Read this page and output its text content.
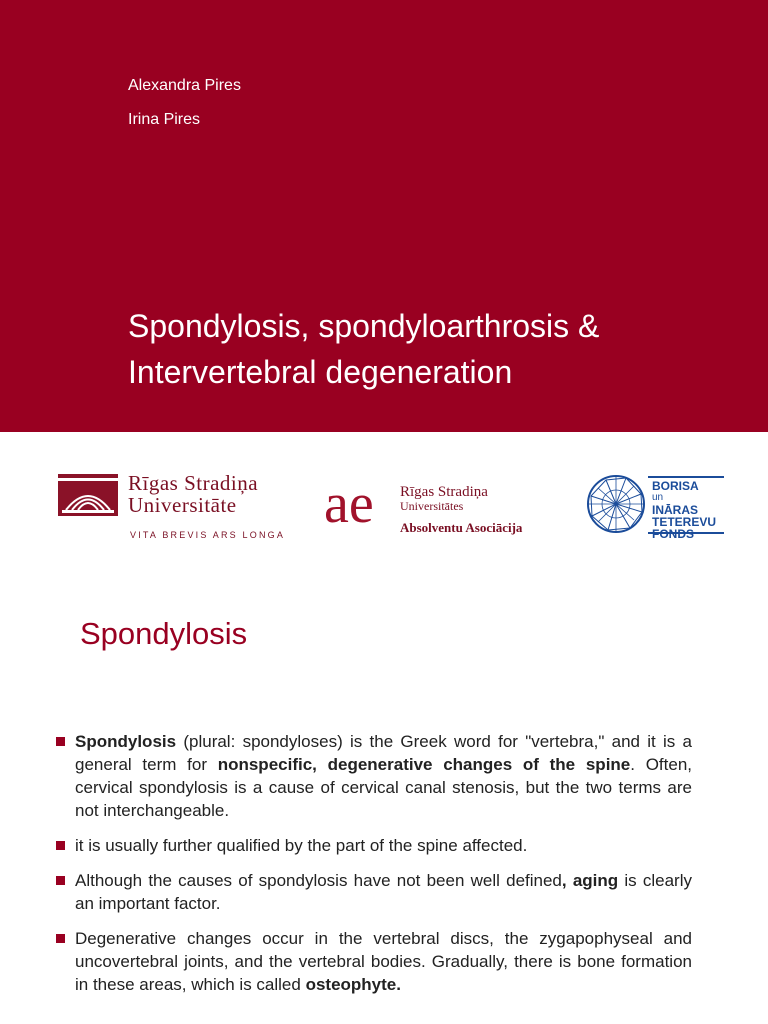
Alexandra Pires
Irina Pires
Spondylosis, spondyloarthrosis &
Intervertebral degeneration
Rīgas Stradiņa
Universitāte
VITA BREVIS ARS LONGA ae Rīgas Stradiņa
Universitātes
Absolventu Asociācija
BORISA
un
INĀRAS
TETEREVU
FONDS
Spondylosis
Spondylosis (plural: spondyloses) is the Greek word for "vertebra," and it is a general term for nonspecific, degenerative changes of the spine. Often, cervical spondylosis is a cause of cervical canal stenosis, but the two terms are not interchangeable.
it is usually further qualified by the part of the spine affected.
Although the causes of spondylosis have not been well defined, aging is clearly an important factor.
Degenerative changes occur in the vertebral discs, the zygapophyseal and uncovertebral joints, and the vertebral bodies. Gradually, there is bone formation in these areas, which is called osteophyte.
